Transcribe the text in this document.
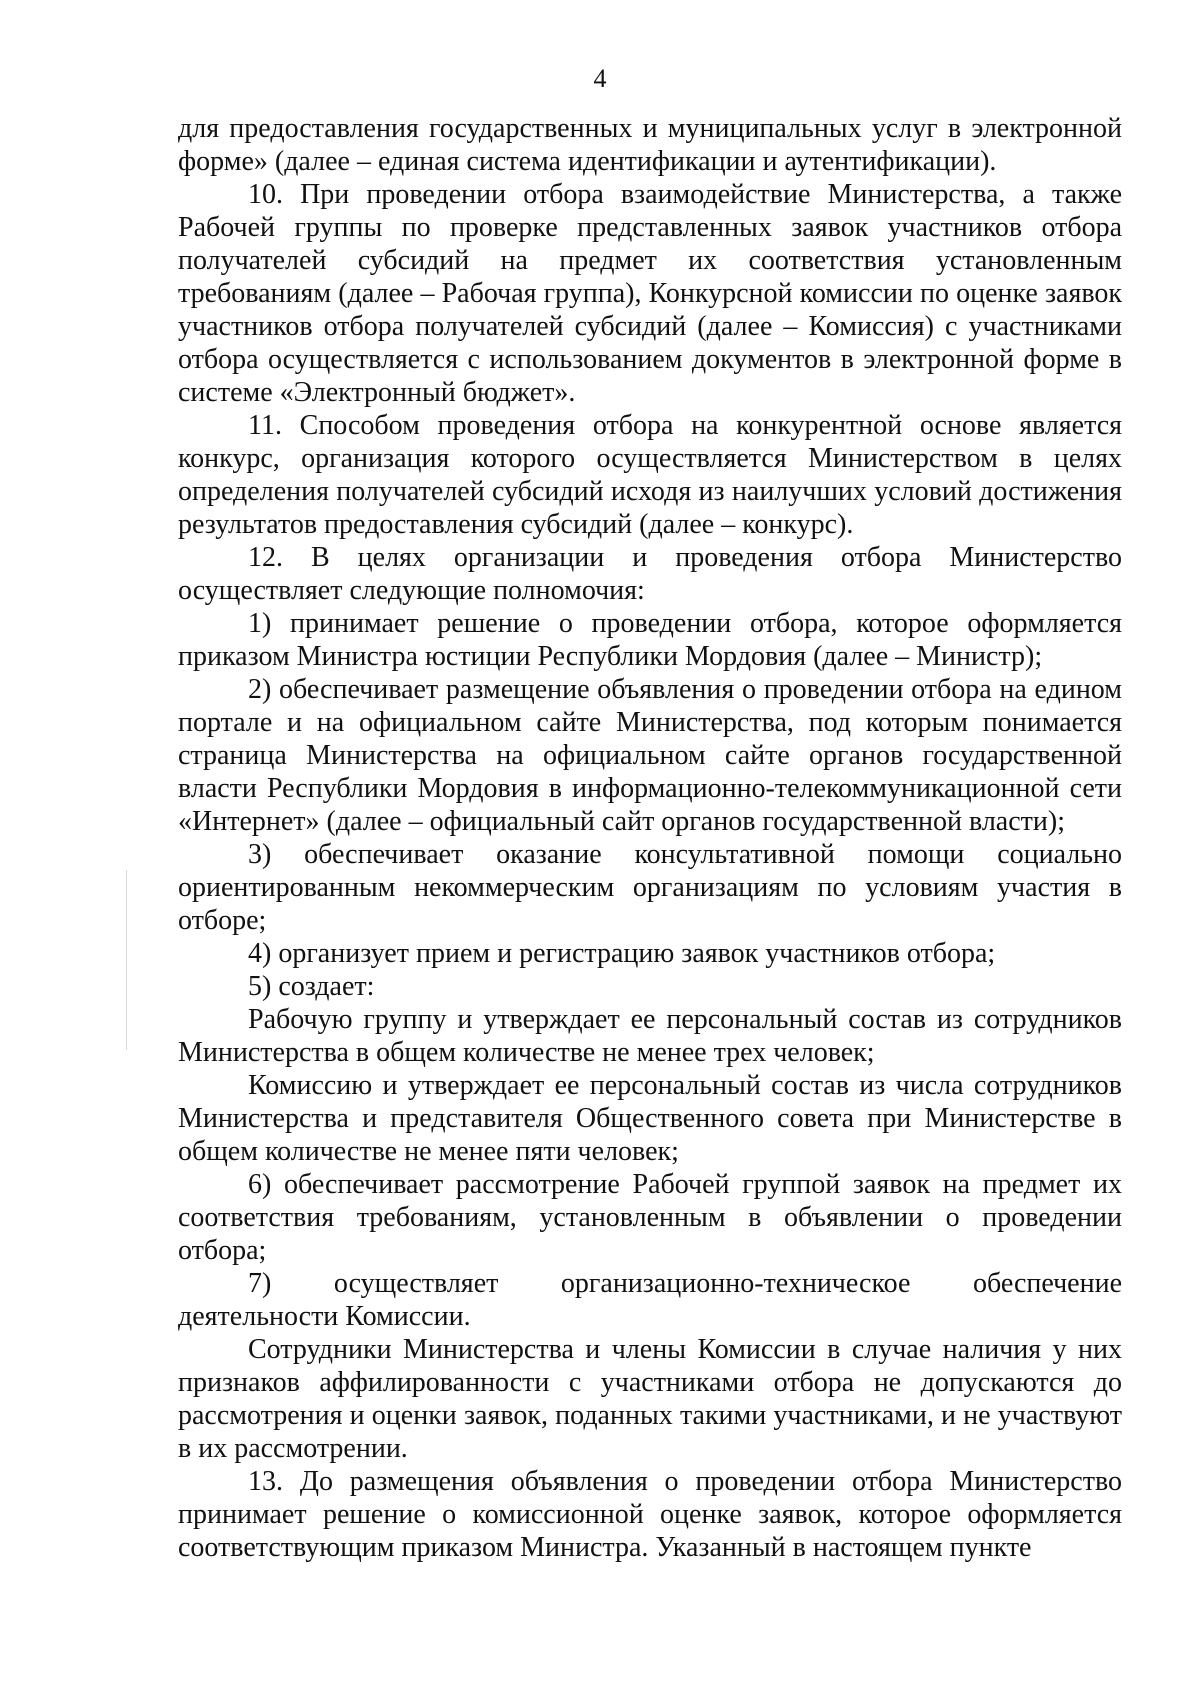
4

для предоставления государственных и муниципальных услуг в электронной форме» (далее – единая система идентификации и аутентификации).

10. При проведении отбора взаимодействие Министерства, а также Рабочей группы по проверке представленных заявок участников отбора получателей субсидий на предмет их соответствия установленным требованиям (далее – Рабочая группа), Конкурсной комиссии по оценке заявок участников отбора получателей субсидий (далее – Комиссия) с участниками отбора осуществляется с использованием документов в электронной форме в системе «Электронный бюджет».

11. Способом проведения отбора на конкурентной основе является конкурс, организация которого осуществляется Министерством в целях определения получателей субсидий исходя из наилучших условий достижения результатов предоставления субсидий (далее – конкурс).

12. В целях организации и проведения отбора Министерство осуществляет следующие полномочия:

1) принимает решение о проведении отбора, которое оформляется приказом Министра юстиции Республики Мордовия (далее – Министр);

2) обеспечивает размещение объявления о проведении отбора на едином портале и на официальном сайте Министерства, под которым понимается страница Министерства на официальном сайте органов государственной власти Республики Мордовия в информационно-телекоммуникационной сети «Интернет» (далее – официальный сайт органов государственной власти);

3) обеспечивает оказание консультативной помощи социально ориентированным некоммерческим организациям по условиям участия в отборе;

4) организует прием и регистрацию заявок участников отбора;

5) создает:

Рабочую группу и утверждает ее персональный состав из сотрудников Министерства в общем количестве не менее трех человек;

Комиссию и утверждает ее персональный состав из числа сотрудников Министерства и представителя Общественного совета при Министерстве в общем количестве не менее пяти человек;

6) обеспечивает рассмотрение Рабочей группой заявок на предмет их соответствия требованиям, установленным в объявлении о проведении отбора;

7) осуществляет организационно-техническое обеспечение деятельности Комиссии.

Сотрудники Министерства и члены Комиссии в случае наличия у них признаков аффилированности с участниками отбора не допускаются до рассмотрения и оценки заявок, поданных такими участниками, и не участвуют в их рассмотрении.

13. До размещения объявления о проведении отбора Министерство принимает решение о комиссионной оценке заявок, которое оформляется соответствующим приказом Министра. Указанный в настоящем пункте
